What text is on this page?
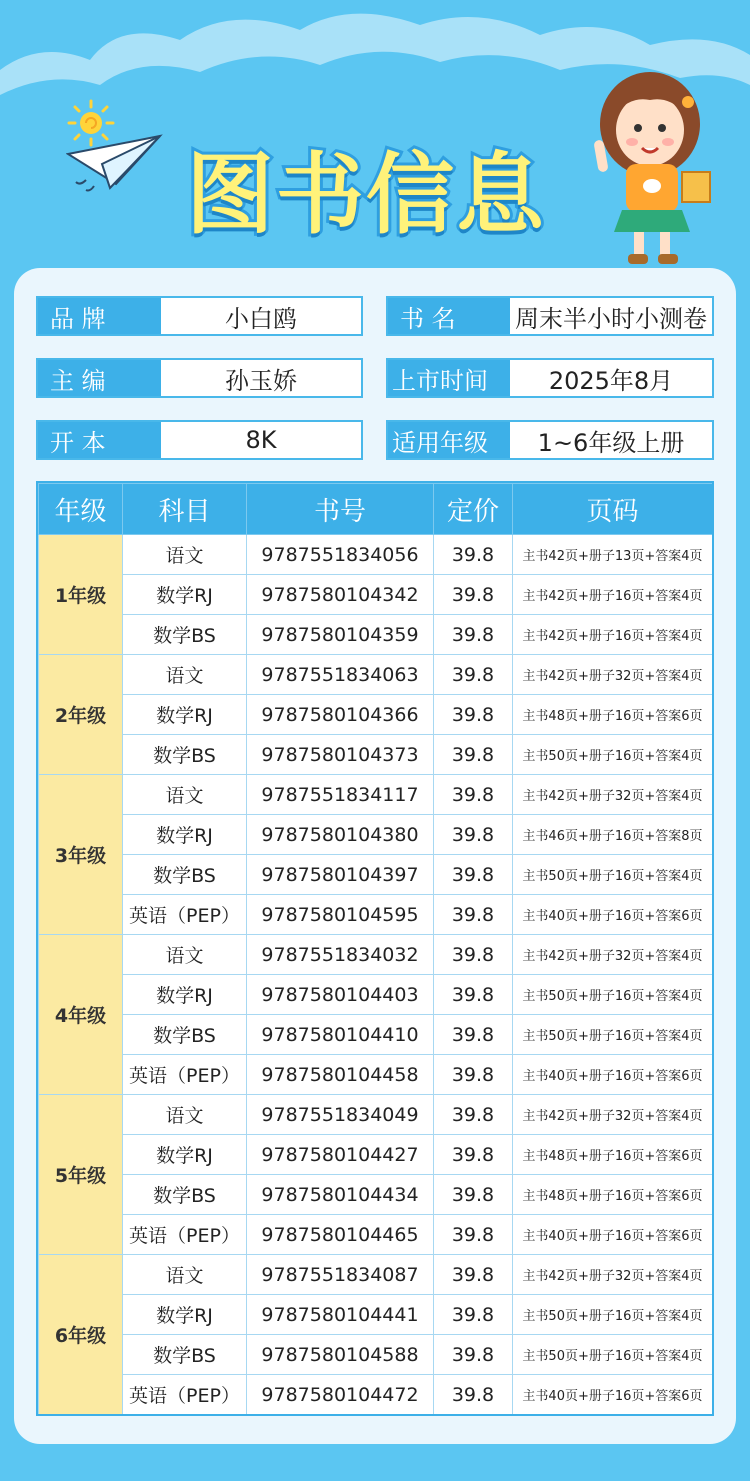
图书信息
品 牌	小白鸥	书 名	周末半小时小测卷
主 编	孙玉娇	上市时间	2025年8月
开 本	8K	适用年级	1~6年级上册
年级	科目	书号	定价	页码
1年级	语文	9787551834056	39.8	主书42页+册子13页+答案4页
	数学RJ	9787580104342	39.8	主书42页+册子16页+答案4页
	数学BS	9787580104359	39.8	主书42页+册子16页+答案4页
2年级	语文	9787551834063	39.8	主书42页+册子32页+答案4页
	数学RJ	9787580104366	39.8	主书48页+册子16页+答案6页
	数学BS	9787580104373	39.8	主书50页+册子16页+答案4页
3年级	语文	9787551834117	39.8	主书42页+册子32页+答案4页
	数学RJ	9787580104380	39.8	主书46页+册子16页+答案8页
	数学BS	9787580104397	39.8	主书50页+册子16页+答案4页
	英语（PEP）	9787580104595	39.8	主书40页+册子16页+答案6页
4年级	语文	9787551834032	39.8	主书42页+册子32页+答案4页
	数学RJ	9787580104403	39.8	主书50页+册子16页+答案4页
	数学BS	9787580104410	39.8	主书50页+册子16页+答案4页
	英语（PEP）	9787580104458	39.8	主书40页+册子16页+答案6页
5年级	语文	9787551834049	39.8	主书42页+册子32页+答案4页
	数学RJ	9787580104427	39.8	主书48页+册子16页+答案6页
	数学BS	9787580104434	39.8	主书48页+册子16页+答案6页
	英语（PEP）	9787580104465	39.8	主书40页+册子16页+答案6页
6年级	语文	9787551834087	39.8	主书42页+册子32页+答案4页
	数学RJ	9787580104441	39.8	主书50页+册子16页+答案4页
	数学BS	9787580104588	39.8	主书50页+册子16页+答案4页
	英语（PEP）	9787580104472	39.8	主书40页+册子16页+答案6页
